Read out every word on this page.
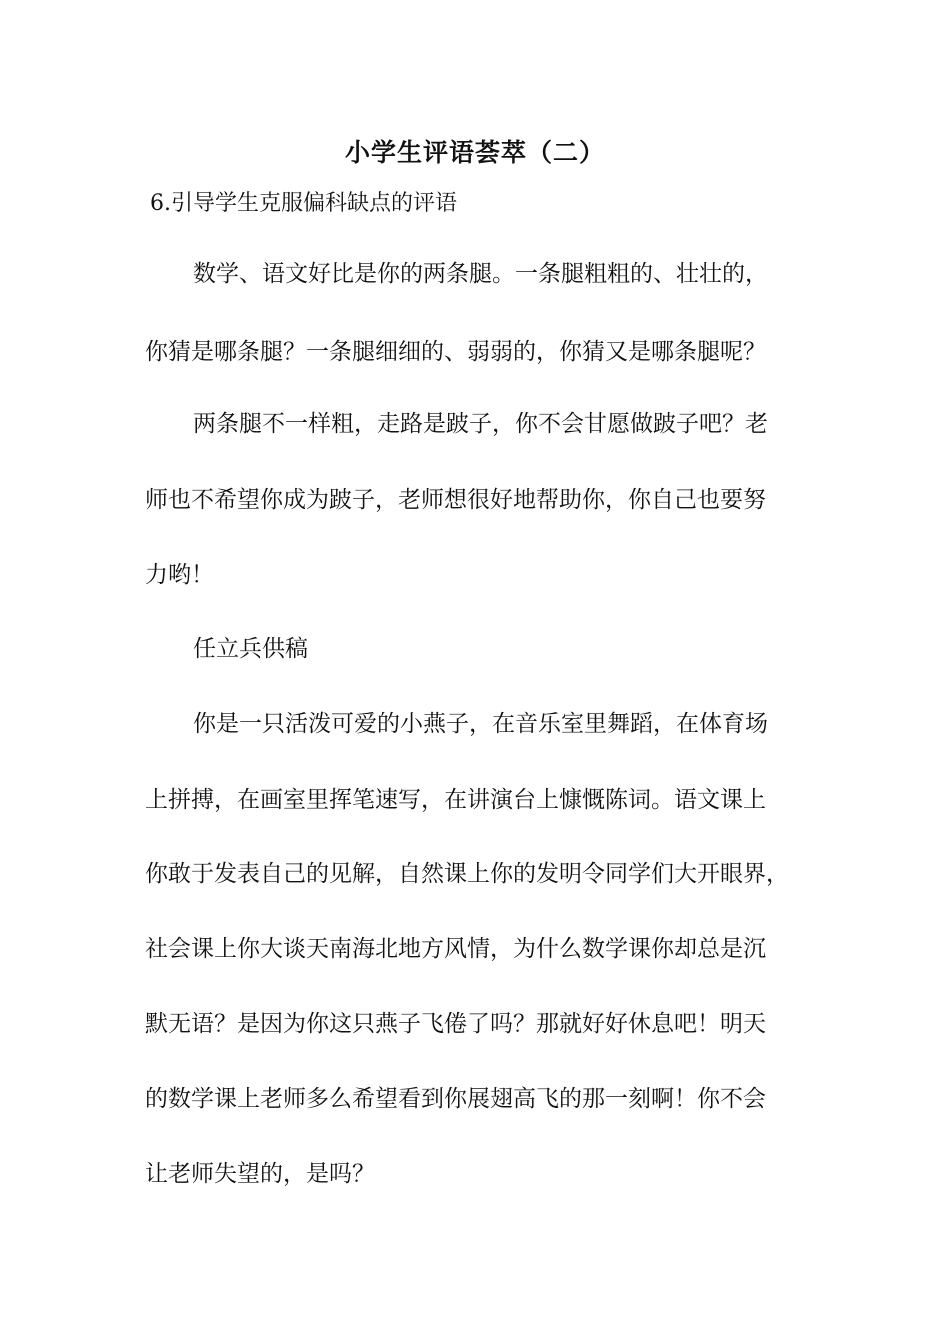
小学生评语荟萃（二）
6.引导学生克服偏科缺点的评语
数学、语文好比是你的两条腿。一条腿粗粗的、壮壮的，
你猜是哪条腿？一条腿细细的、弱弱的，你猜又是哪条腿呢？
两条腿不一样粗，走路是跛子，你不会甘愿做跛子吧？老
师也不希望你成为跛子，老师想很好地帮助你，你自己也要努
力哟！
任立兵供稿
你是一只活泼可爱的小燕子，在音乐室里舞蹈，在体育场
上拼搏，在画室里挥笔速写，在讲演台上慷慨陈词。语文课上
你敢于发表自己的见解，自然课上你的发明令同学们大开眼界，
社会课上你大谈天南海北地方风情，为什么数学课你却总是沉
默无语？是因为你这只燕子飞倦了吗？那就好好休息吧！明天
的数学课上老师多么希望看到你展翅高飞的那一刻啊！你不会
让老师失望的，是吗？
